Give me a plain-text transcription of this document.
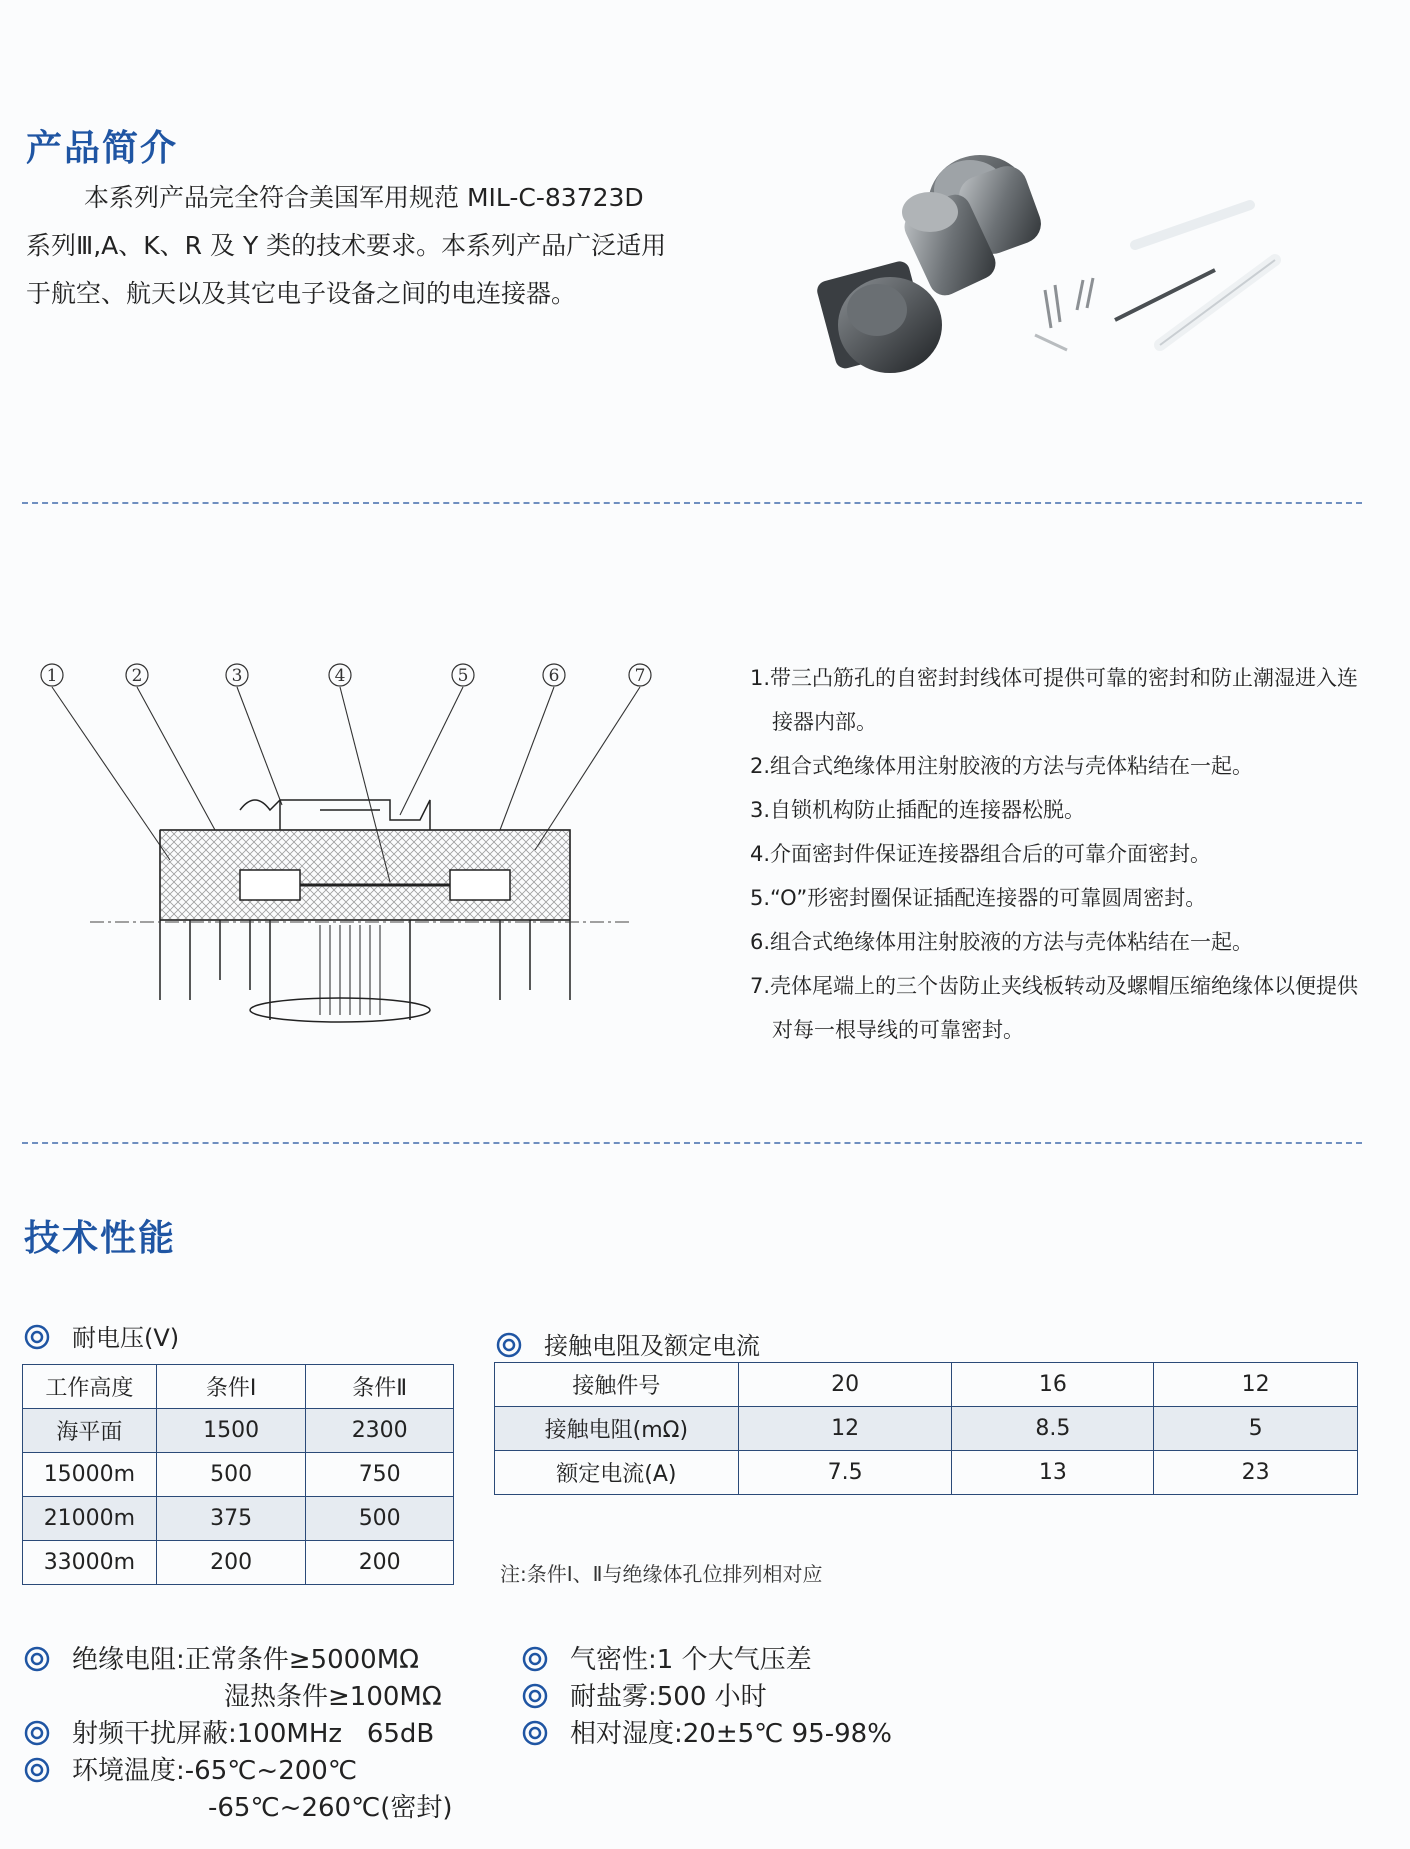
产品简介

本系列产品完全符合美国军用规范 MIL-C-83723D

系列Ⅲ,A、K、R 及 Y 类的技术要求。本系列产品广泛适用

于航空、航天以及其它电子设备之间的电连接器。

1	2	3	4	5	6	7	1.带三凸筋孔的自密封封线体可提供可靠的密封和防止潮湿进入连接器内部。
2.组合式绝缘体用注射胶液的方法与壳体粘结在一起。
3.自锁机构防止插配的连接器松脱。
4.介面密封件保证连接器组合后的可靠介面密封。
5.“O”形密封圈保证插配连接器的可靠圆周密封。
6.组合式绝缘体用注射胶液的方法与壳体粘结在一起。
7.壳体尾端上的三个齿防止夹线板转动及螺帽压缩绝缘体以便提供对每一根导线的可靠密封。
技术性能
耐电压(V)
工作高度	条件Ⅰ	条件Ⅱ
海平面	1500	2300
15000m	500	750
21000m	375	500
33000m	200	200
接触电阻及额定电流
接触件号	20	16	12
接触电阻(mΩ)	12	8.5	5
额定电流(A)	7.5	13	23
注:条件Ⅰ、Ⅱ与绝缘体孔位排列相对应
绝缘电阻:正常条件≥5000MΩ
湿热条件≥100MΩ
射频干扰屏蔽:100MHz   65dB
环境温度:-65℃~200℃
-65℃~260℃(密封)
气密性:1 个大气压差
耐盐雾:500 小时
相对湿度:20±5℃ 95-98%
